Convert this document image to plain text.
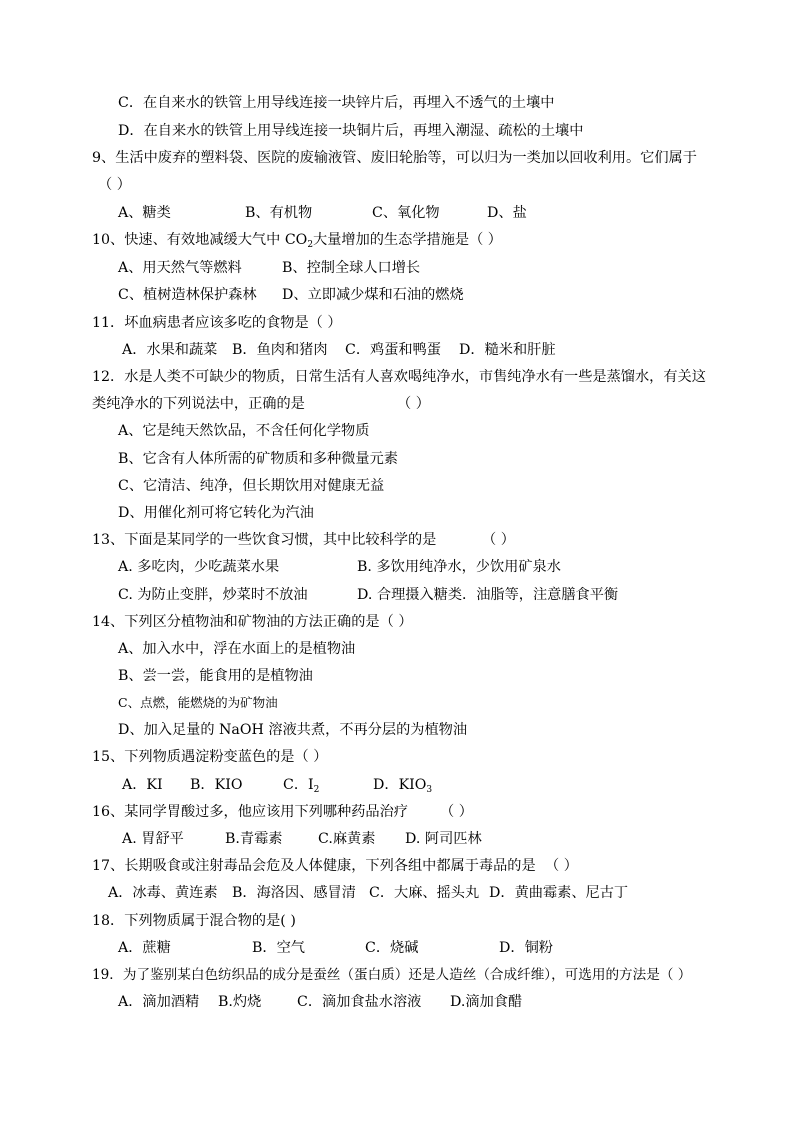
C．在自来水的铁管上用导线连接一块锌片后，再埋入不透气的土壤中
D．在自来水的铁管上用导线连接一块铜片后，再埋入潮湿、疏松的土壤中
9、生活中废弃的塑料袋、医院的废输液管、废旧轮胎等，可以归为一类加以回收利用。它们属于
（ ）
A、糖类	B、有机物	C、氧化物	D、盐
10、快速、有效地减缓大气中 $CO_2$大量增加的生态学措施是（ ）
A、用天然气等燃料	B、控制全球人口增长
C、植树造林保护森林 D、立即减少煤和石油的燃烧
11．坏血病患者应该多吃的食物是（ ）
A．水果和蔬菜 B．鱼肉和猪肉 C．鸡蛋和鸭蛋 D．糙米和肝脏
12．水是人类不可缺少的物质，日常生活有人喜欢喝纯净水，市售纯净水有一些是蒸馏水，有关这
类纯净水的下列说法中，正确的是	（ ）
A、它是纯天然饮品，不含任何化学物质
B、它含有人体所需的矿物质和多种微量元素
C、它清洁、纯净，但长期饮用对健康无益
D、用催化剂可将它转化为汽油
13、下面是某同学的一些饮食习惯，其中比较科学的是	（ ）
A. 多吃肉，少吃蔬菜水果	B. 多饮用纯净水，少饮用矿泉水
C. 为防止变胖，炒菜时不放油	D. 合理摄入糖类．油脂等，注意膳食平衡
14、下列区分植物油和矿物油的方法正确的是（ ）
A、加入水中，浮在水面上的是植物油
B、尝一尝，能食用的是植物油
C、点燃，能燃烧的为矿物油
D、加入足量的 NaOH 溶液共煮，不再分层的为植物油
15、下列物质遇淀粉变蓝色的是（ ）
A．KI B．KIO	C．$I_2$	D．$KIO_3$
16、某同学胃酸过多，他应该用下列哪种药品治疗 （ ）
A. 胃舒平	B.青霉素	C.麻黄素 D. 阿司匹林
17、长期吸食或注射毒品会危及人体健康，下列各组中都属于毒品的是 （ ）
A．冰毒、黄连素 B．海洛因、感冒清 C．大麻、摇头丸 D．黄曲霉素、尼古丁
18．下列物质属于混合物的是( )
A．蔗糖	B．空气	C．烧碱	D．铜粉
19．为了鉴别某白色纺织品的成分是蚕丝（蛋白质）还是人造丝（合成纤维），可选用的方法是（ ）
A．滴加酒精 B.灼烧	C．滴加食盐水溶液 D.滴加食醋
